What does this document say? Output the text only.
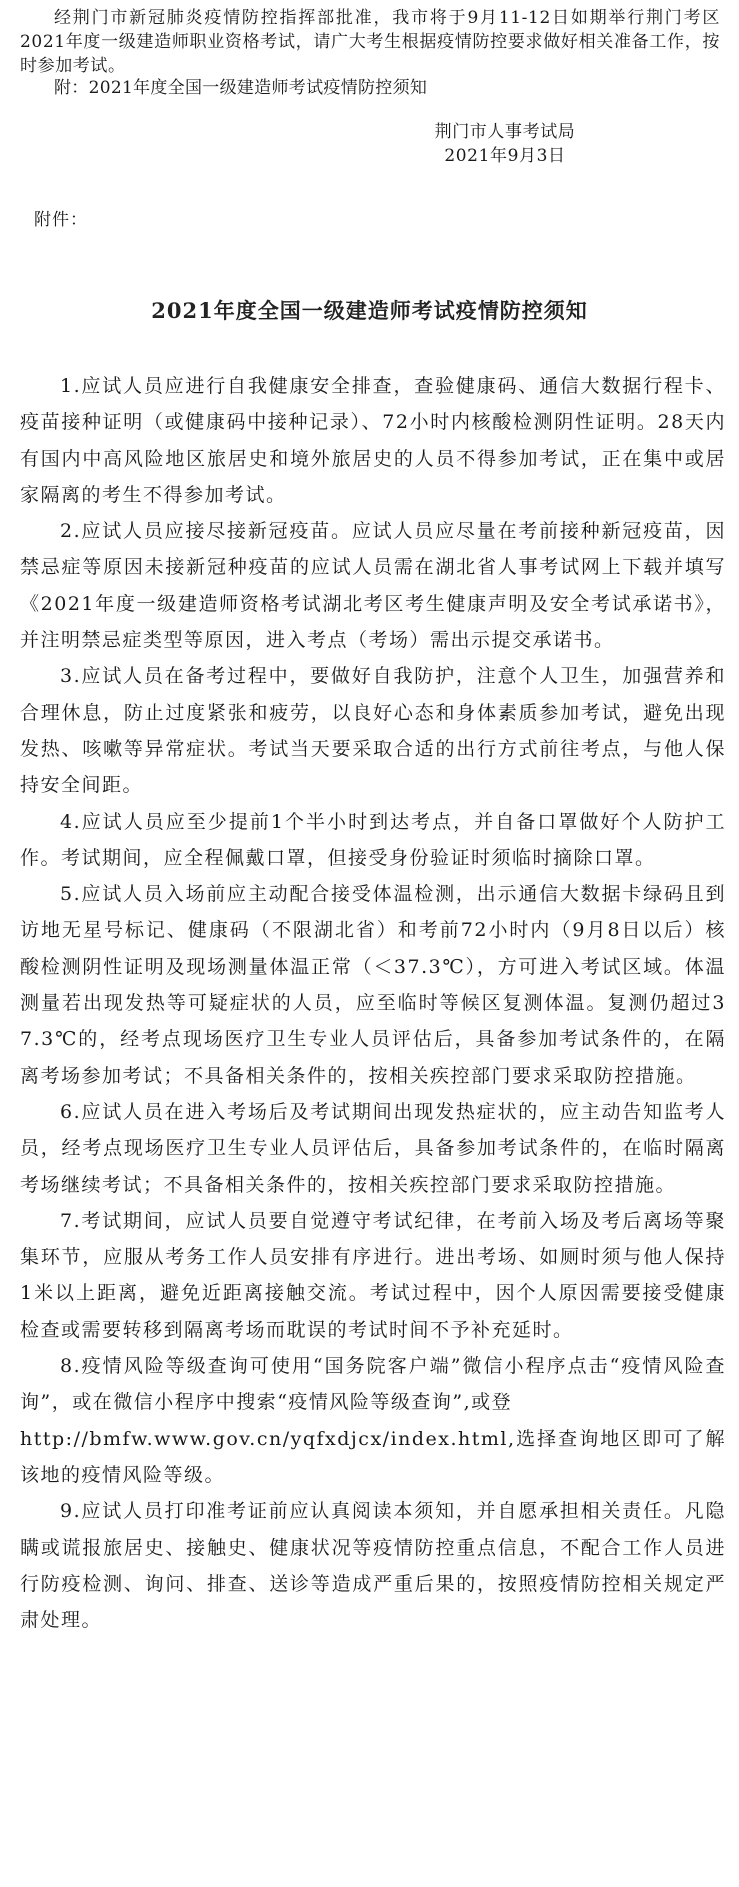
经荆门市新冠肺炎疫情防控指挥部批准，我市将于9月11-12日如期举行荆门考区2021年度一级建造师职业资格考试，请广大考生根据疫情防控要求做好相关准备工作，按时参加考试。

附：2021年度全国一级建造师考试疫情防控须知

荆门市人事考试局

2021年9月3日

附件：

2021年度全国一级建造师考试疫情防控须知

1.应试人员应进行自我健康安全排查，查验健康码、通信大数据行程卡、疫苗接种证明（或健康码中接种记录）、72小时内核酸检测阴性证明。28天内有国内中高风险地区旅居史和境外旅居史的人员不得参加考试，正在集中或居家隔离的考生不得参加考试。

2.应试人员应接尽接新冠疫苗。应试人员应尽量在考前接种新冠疫苗，因禁忌症等原因未接新冠种疫苗的应试人员需在湖北省人事考试网上下载并填写《2021年度一级建造师资格考试湖北考区考生健康声明及安全考试承诺书》，并注明禁忌症类型等原因，进入考点（考场）需出示提交承诺书。

3.应试人员在备考过程中，要做好自我防护，注意个人卫生，加强营养和合理休息，防止过度紧张和疲劳，以良好心态和身体素质参加考试，避免出现发热、咳嗽等异常症状。考试当天要采取合适的出行方式前往考点，与他人保持安全间距。

4.应试人员应至少提前1个半小时到达考点，并自备口罩做好个人防护工作。考试期间，应全程佩戴口罩，但接受身份验证时须临时摘除口罩。

5.应试人员入场前应主动配合接受体温检测，出示通信大数据卡绿码且到访地无星号标记、健康码（不限湖北省）和考前72小时内（9月8日以后）核酸检测阴性证明及现场测量体温正常（＜37.3℃），方可进入考试区域。体温测量若出现发热等可疑症状的人员，应至临时等候区复测体温。复测仍超过37.3℃的，经考点现场医疗卫生专业人员评估后，具备参加考试条件的，在隔离考场参加考试；不具备相关条件的，按相关疾控部门要求采取防控措施。

6.应试人员在进入考场后及考试期间出现发热症状的，应主动告知监考人员，经考点现场医疗卫生专业人员评估后，具备参加考试条件的，在临时隔离考场继续考试；不具备相关条件的，按相关疾控部门要求采取防控措施。

7.考试期间，应试人员要自觉遵守考试纪律，在考前入场及考后离场等聚集环节，应服从考务工作人员安排有序进行。进出考场、如厕时须与他人保持1米以上距离，避免近距离接触交流。考试过程中，因个人原因需要接受健康检查或需要转移到隔离考场而耽误的考试时间不予补充延时。

8.疫情风险等级查询可使用“国务院客户端”微信小程序点击“疫情风险查询”，或在微信小程序中搜索“疫情风险等级查询”,或登

http://bmfw.www.gov.cn/yqfxdjcx/index.html,选择查询地区即可了解该地的疫情风险等级。

9.应试人员打印准考证前应认真阅读本须知，并自愿承担相关责任。凡隐瞒或谎报旅居史、接触史、健康状况等疫情防控重点信息，不配合工作人员进行防疫检测、询问、排查、送诊等造成严重后果的，按照疫情防控相关规定严肃处理。
